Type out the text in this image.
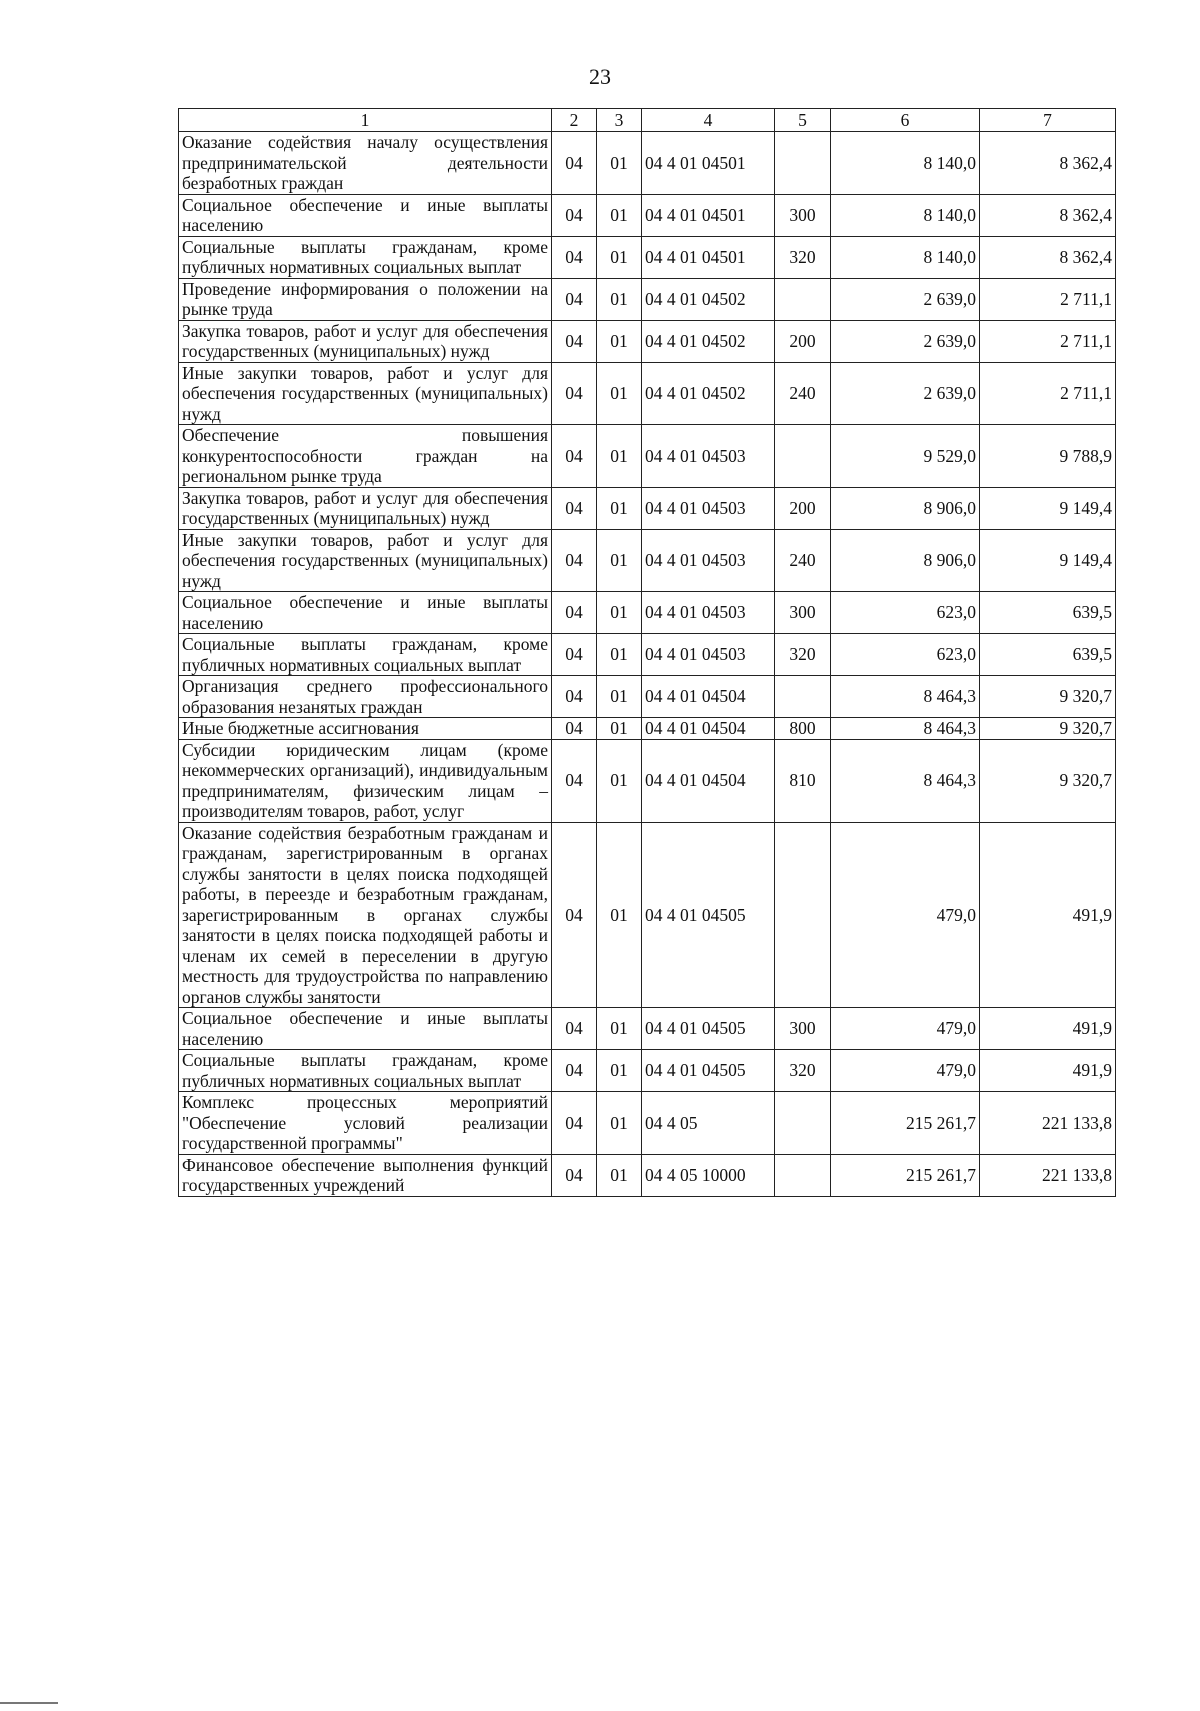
23
1	2	3	4	5	6	7
Оказание содействия началу осуществления предпринимательской деятельности безработных граждан	04	01	04 4 01 04501		8 140,0	8 362,4
Социальное обеспечение и иные выплаты населению	04	01	04 4 01 04501	300	8 140,0	8 362,4
Социальные выплаты гражданам, кроме публичных нормативных социальных выплат	04	01	04 4 01 04501	320	8 140,0	8 362,4
Проведение информирования о положении на рынке труда	04	01	04 4 01 04502		2 639,0	2 711,1
Закупка товаров, работ и услуг для обеспечения государственных (муниципальных) нужд	04	01	04 4 01 04502	200	2 639,0	2 711,1
Иные закупки товаров, работ и услуг для обеспечения государственных (муниципальных) нужд	04	01	04 4 01 04502	240	2 639,0	2 711,1
Обеспечение повышения конкурентоспособности граждан на региональном рынке труда	04	01	04 4 01 04503		9 529,0	9 788,9
Закупка товаров, работ и услуг для обеспечения государственных (муниципальных) нужд	04	01	04 4 01 04503	200	8 906,0	9 149,4
Иные закупки товаров, работ и услуг для обеспечения государственных (муниципальных) нужд	04	01	04 4 01 04503	240	8 906,0	9 149,4
Социальное обеспечение и иные выплаты населению	04	01	04 4 01 04503	300	623,0	639,5
Социальные выплаты гражданам, кроме публичных нормативных социальных выплат	04	01	04 4 01 04503	320	623,0	639,5
Организация среднего профессионального образования незанятых граждан	04	01	04 4 01 04504		8 464,3	9 320,7
Иные бюджетные ассигнования	04	01	04 4 01 04504	800	8 464,3	9 320,7
Субсидии юридическим лицам (кроме некоммерческих организаций), индивидуальным предпринимателям, физическим лицам – производителям товаров, работ, услуг	04	01	04 4 01 04504	810	8 464,3	9 320,7
Оказание содействия безработным гражданам и гражданам, зарегистрированным в органах службы занятости в целях поиска подходящей работы, в переезде и безработным гражданам, зарегистрированным в органах службы занятости в целях поиска подходящей работы и членам их семей в переселении в другую местность для трудоустройства по направлению органов службы занятости	04	01	04 4 01 04505		479,0	491,9
Социальное обеспечение и иные выплаты населению	04	01	04 4 01 04505	300	479,0	491,9
Социальные выплаты гражданам, кроме публичных нормативных социальных выплат	04	01	04 4 01 04505	320	479,0	491,9
Комплекс процессных мероприятий "Обеспечение условий реализации государственной программы"	04	01	04 4 05		215 261,7	221 133,8
Финансовое обеспечение выполнения функций государственных учреждений	04	01	04 4 05 10000		215 261,7	221 133,8
